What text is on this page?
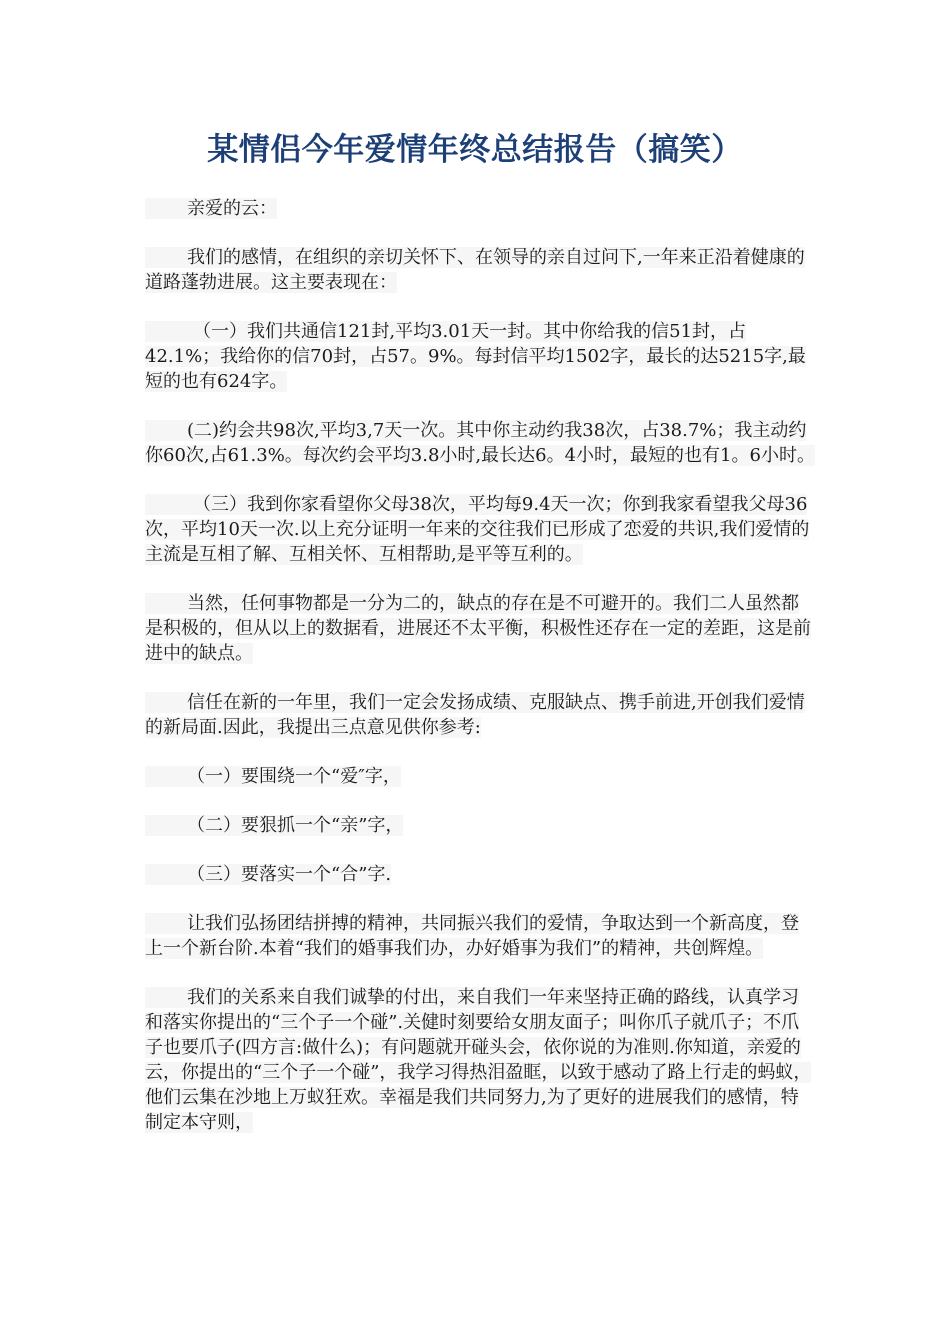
某情侣今年爱情年终总结报告（搞笑）

亲爱的云：

我们的感情，在组织的亲切关怀下、在领导的亲自过问下,一年来正沿着健康的道路蓬勃进展。这主要表现在：

（一）我们共通信121封,平均3.01天一封。其中你给我的信51封，占42.1%；我给你的信70封，占57。9%。每封信平均1502字，最长的达5215字,最短的也有624字。

(二)约会共98次,平均3,7天一次。其中你主动约我38次，占38.7%；我主动约你60次,占61.3%。每次约会平均3.8小时,最长达6。4小时，最短的也有1。6小时。

（三）我到你家看望你父母38次，平均每9.4天一次；你到我家看望我父母36次，平均10天一次.以上充分证明一年来的交往我们已形成了恋爱的共识,我们爱情的主流是互相了解、互相关怀、互相帮助,是平等互利的。

当然，任何事物都是一分为二的，缺点的存在是不可避开的。我们二人虽然都是积极的，但从以上的数据看，进展还不太平衡，积极性还存在一定的差距，这是前进中的缺点。

信任在新的一年里，我们一定会发扬成绩、克服缺点、携手前进,开创我们爱情的新局面.因此，我提出三点意见供你参考:

（一）要围绕一个“爱″字，

（二）要狠抓一个“亲”字，

（三）要落实一个“合”字.

让我们弘扬团结拼搏的精神，共同振兴我们的爱情，争取达到一个新高度，登上一个新台阶.本着“我们的婚事我们办，办好婚事为我们”的精神，共创辉煌。

我们的关系来自我们诚挚的付出，来自我们一年来坚持正确的路线，认真学习和落实你提出的“三个子一个碰”.关健时刻要给女朋友面子；叫你爪子就爪子；不爪子也要爪子(四方言:做什么)；有问题就开碰头会，依你说的为准则.你知道，亲爱的云，你提出的“三个子一个碰”，我学习得热泪盈眶，以致于感动了路上行走的蚂蚁，他们云集在沙地上万蚁狂欢。幸福是我们共同努力,为了更好的进展我们的感情，特制定本守则，
